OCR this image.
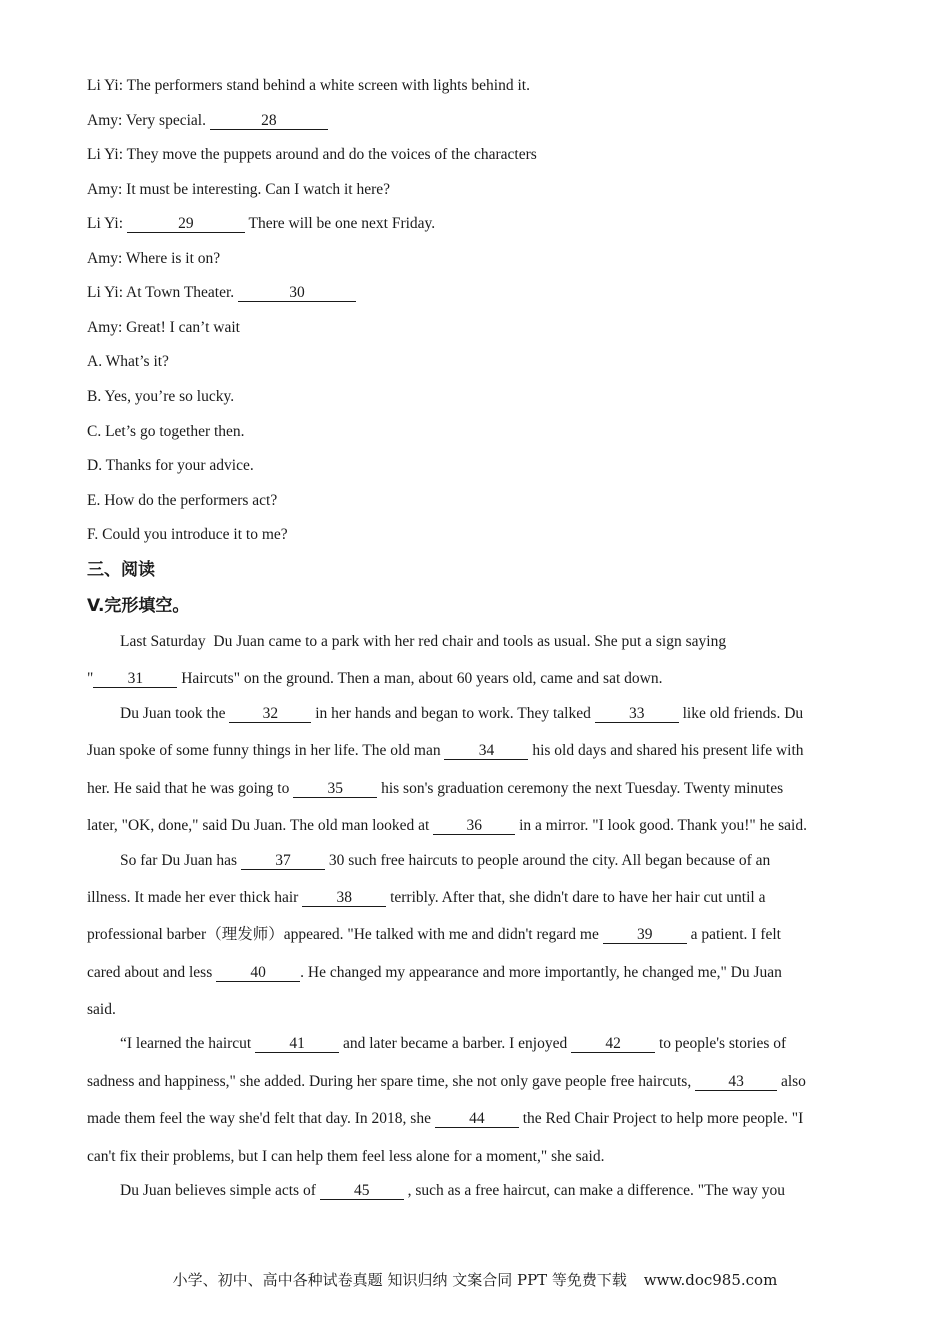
Li Yi: The performers stand behind a white screen with lights behind it.
Amy: Very special.	28
Li Yi: They move the puppets around and do the voices of the characters
Amy: It must be interesting. Can I watch it here?
Li Yi:	29	There will be one next Friday.
Amy: Where is it on?
Li Yi: At Town Theater.	30
Amy: Great! I can’t wait
A. What’s it?
B. Yes, you’re so lucky.
C. Let’s go together then.
D. Thanks for your advice.
E. How do the performers act?
F. Could you introduce it to me?
三、阅读
V.完形填空。
Last Saturday  Du Juan came to a park with her red chair and tools as usual. She put a sign saying
" 31 Haircuts" on the ground. Then a man, about 60 years old, came and sat down.
Du Juan took the 32 in her hands and began to work. They talked 33 like old friends. Du
Juan spoke of some funny things in her life. The old man 34 his old days and shared his present life with
her. He said that he was going to 35 his son's graduation ceremony the next Tuesday. Twenty minutes
later, "OK, done," said Du Juan. The old man looked at 36 in a mirror. "I look good. Thank you!" he said.
So far Du Juan has 37 30 such free haircuts to people around the city. All began because of an
illness. It made her ever thick hair 38 terribly. After that, she didn't dare to have her hair cut until a
professional barber（理发师）appeared. "He talked with me and didn't regard me 39 a patient. I felt
cared about and less 40 . He changed my appearance and more importantly, he changed me," Du Juan
said.
“I learned the haircut 41 and later became a barber. I enjoyed 42 to people's stories of
sadness and happiness," she added. During her spare time, she not only gave people free haircuts, 43 also
made them feel the way she'd felt that day. In 2018, she 44 the Red Chair Project to help more people. "I
can't fix their problems, but I can help them feel less alone for a moment," she said.
Du Juan believes simple acts of 45 , such as a free haircut, can make a difference. "The way you
小学、初中、高中各种试卷真题 知识归纳 文案合同 PPT 等免费下载 www.doc985.com
